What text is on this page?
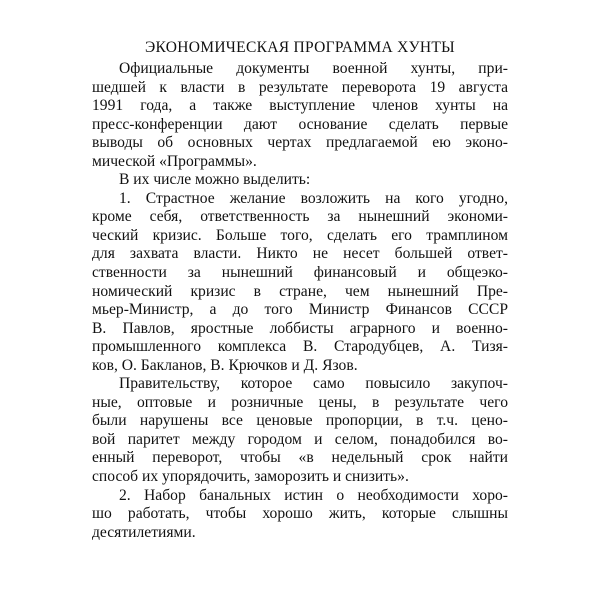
ЭКОНОМИЧЕСКАЯ ПРОГРАММА ХУНТЫ
Официальные документы военной хунты, при-
шедшей к власти в результате переворота 19 августа
1991 года, а также выступление членов хунты на
пресс-конференции дают основание сделать первые
выводы об основных чертах предлагаемой ею эконо-
мической «Программы».
В их числе можно выделить:
1. Страстное желание возложить на кого угодно,
кроме себя, ответственность за нынешний экономи-
ческий кризис. Больше того, сделать его трамплином
для захвата власти. Никто не несет большей ответ-
ственности за нынешний финансовый и общеэко-
номический кризис в стране, чем нынешний Пре-
мьер-Министр, а до того Министр Финансов СССР
В. Павлов, яростные лоббисты аграрного и военно-
промышленного комплекса В. Стародубцев, А. Тизя-
ков, О. Бакланов, В. Крючков и Д. Язов.
Правительству, которое само повысило закупоч-
ные, оптовые и розничные цены, в результате чего
были нарушены все ценовые пропорции, в т.ч. цено-
вой паритет между городом и селом, понадобился во-
енный переворот, чтобы «в недельный срок найти
способ их упорядочить, заморозить и снизить».
2. Набор банальных истин о необходимости хоро-
шо работать, чтобы хорошо жить, которые слышны
десятилетиями.
